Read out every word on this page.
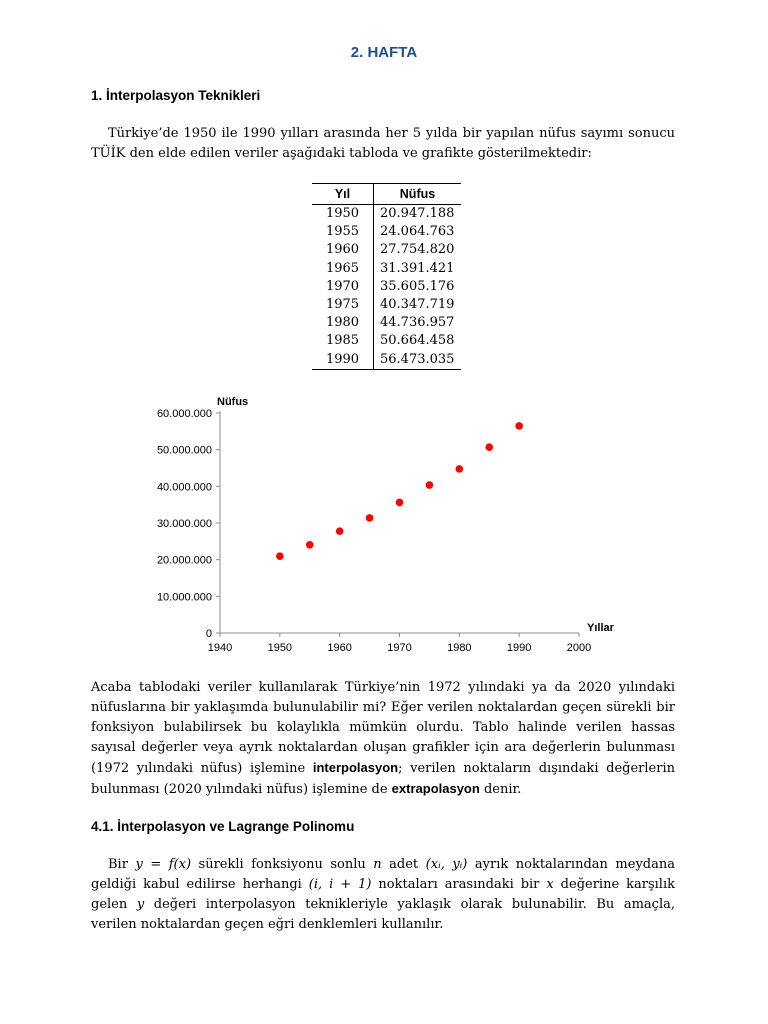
2. HAFTA
1. İnterpolasyon Teknikleri
Türkiye’de 1950 ile 1990 yılları arasında her 5 yılda bir yapılan nüfus sayımı sonucu TÜİK den elde edilen veriler aşağıdaki tabloda ve grafikte gösterilmektedir:
Yıl	Nüfus
1950	20.947.188
1955	24.064.763
1960	27.754.820
1965	31.391.421
1970	35.605.176
1975	40.347.719
1980	44.736.957
1985	50.664.458
1990	56.473.035
0
10.000.000
20.000.000
30.000.000
40.000.000
50.000.000
60.000.000
1940	1950	1960	1970	1980	1990	2000
Nüfus
Yıllar
Acaba tablodaki veriler kullanılarak Türkiye’nin 1972 yılındaki ya da 2020 yılındaki nüfuslarına bir yaklaşımda bulunulabilir mi? Eğer verilen noktalardan geçen sürekli bir fonksiyon bulabilirsek bu kolaylıkla mümkün olurdu. Tablo halinde verilen hassas sayısal değerler veya ayrık noktalardan oluşan grafikler için ara değerlerin bulunması (1972 yılındaki nüfus) işlemine interpolasyon; verilen noktaların dışındaki değerlerin bulunması (2020 yılındaki nüfus) işlemine de extrapolasyon denir.
4.1. İnterpolasyon ve Lagrange Polinomu
Bir y = f(x) sürekli fonksiyonu sonlu n adet (xᵢ, yᵢ) ayrık noktalarından meydana geldiği kabul edilirse herhangi (i, i + 1) noktaları arasındaki bir x değerine karşılık gelen y değeri interpolasyon teknikleriyle yaklaşık olarak bulunabilir. Bu amaçla, verilen noktalardan geçen eğri denklemleri kullanılır.
